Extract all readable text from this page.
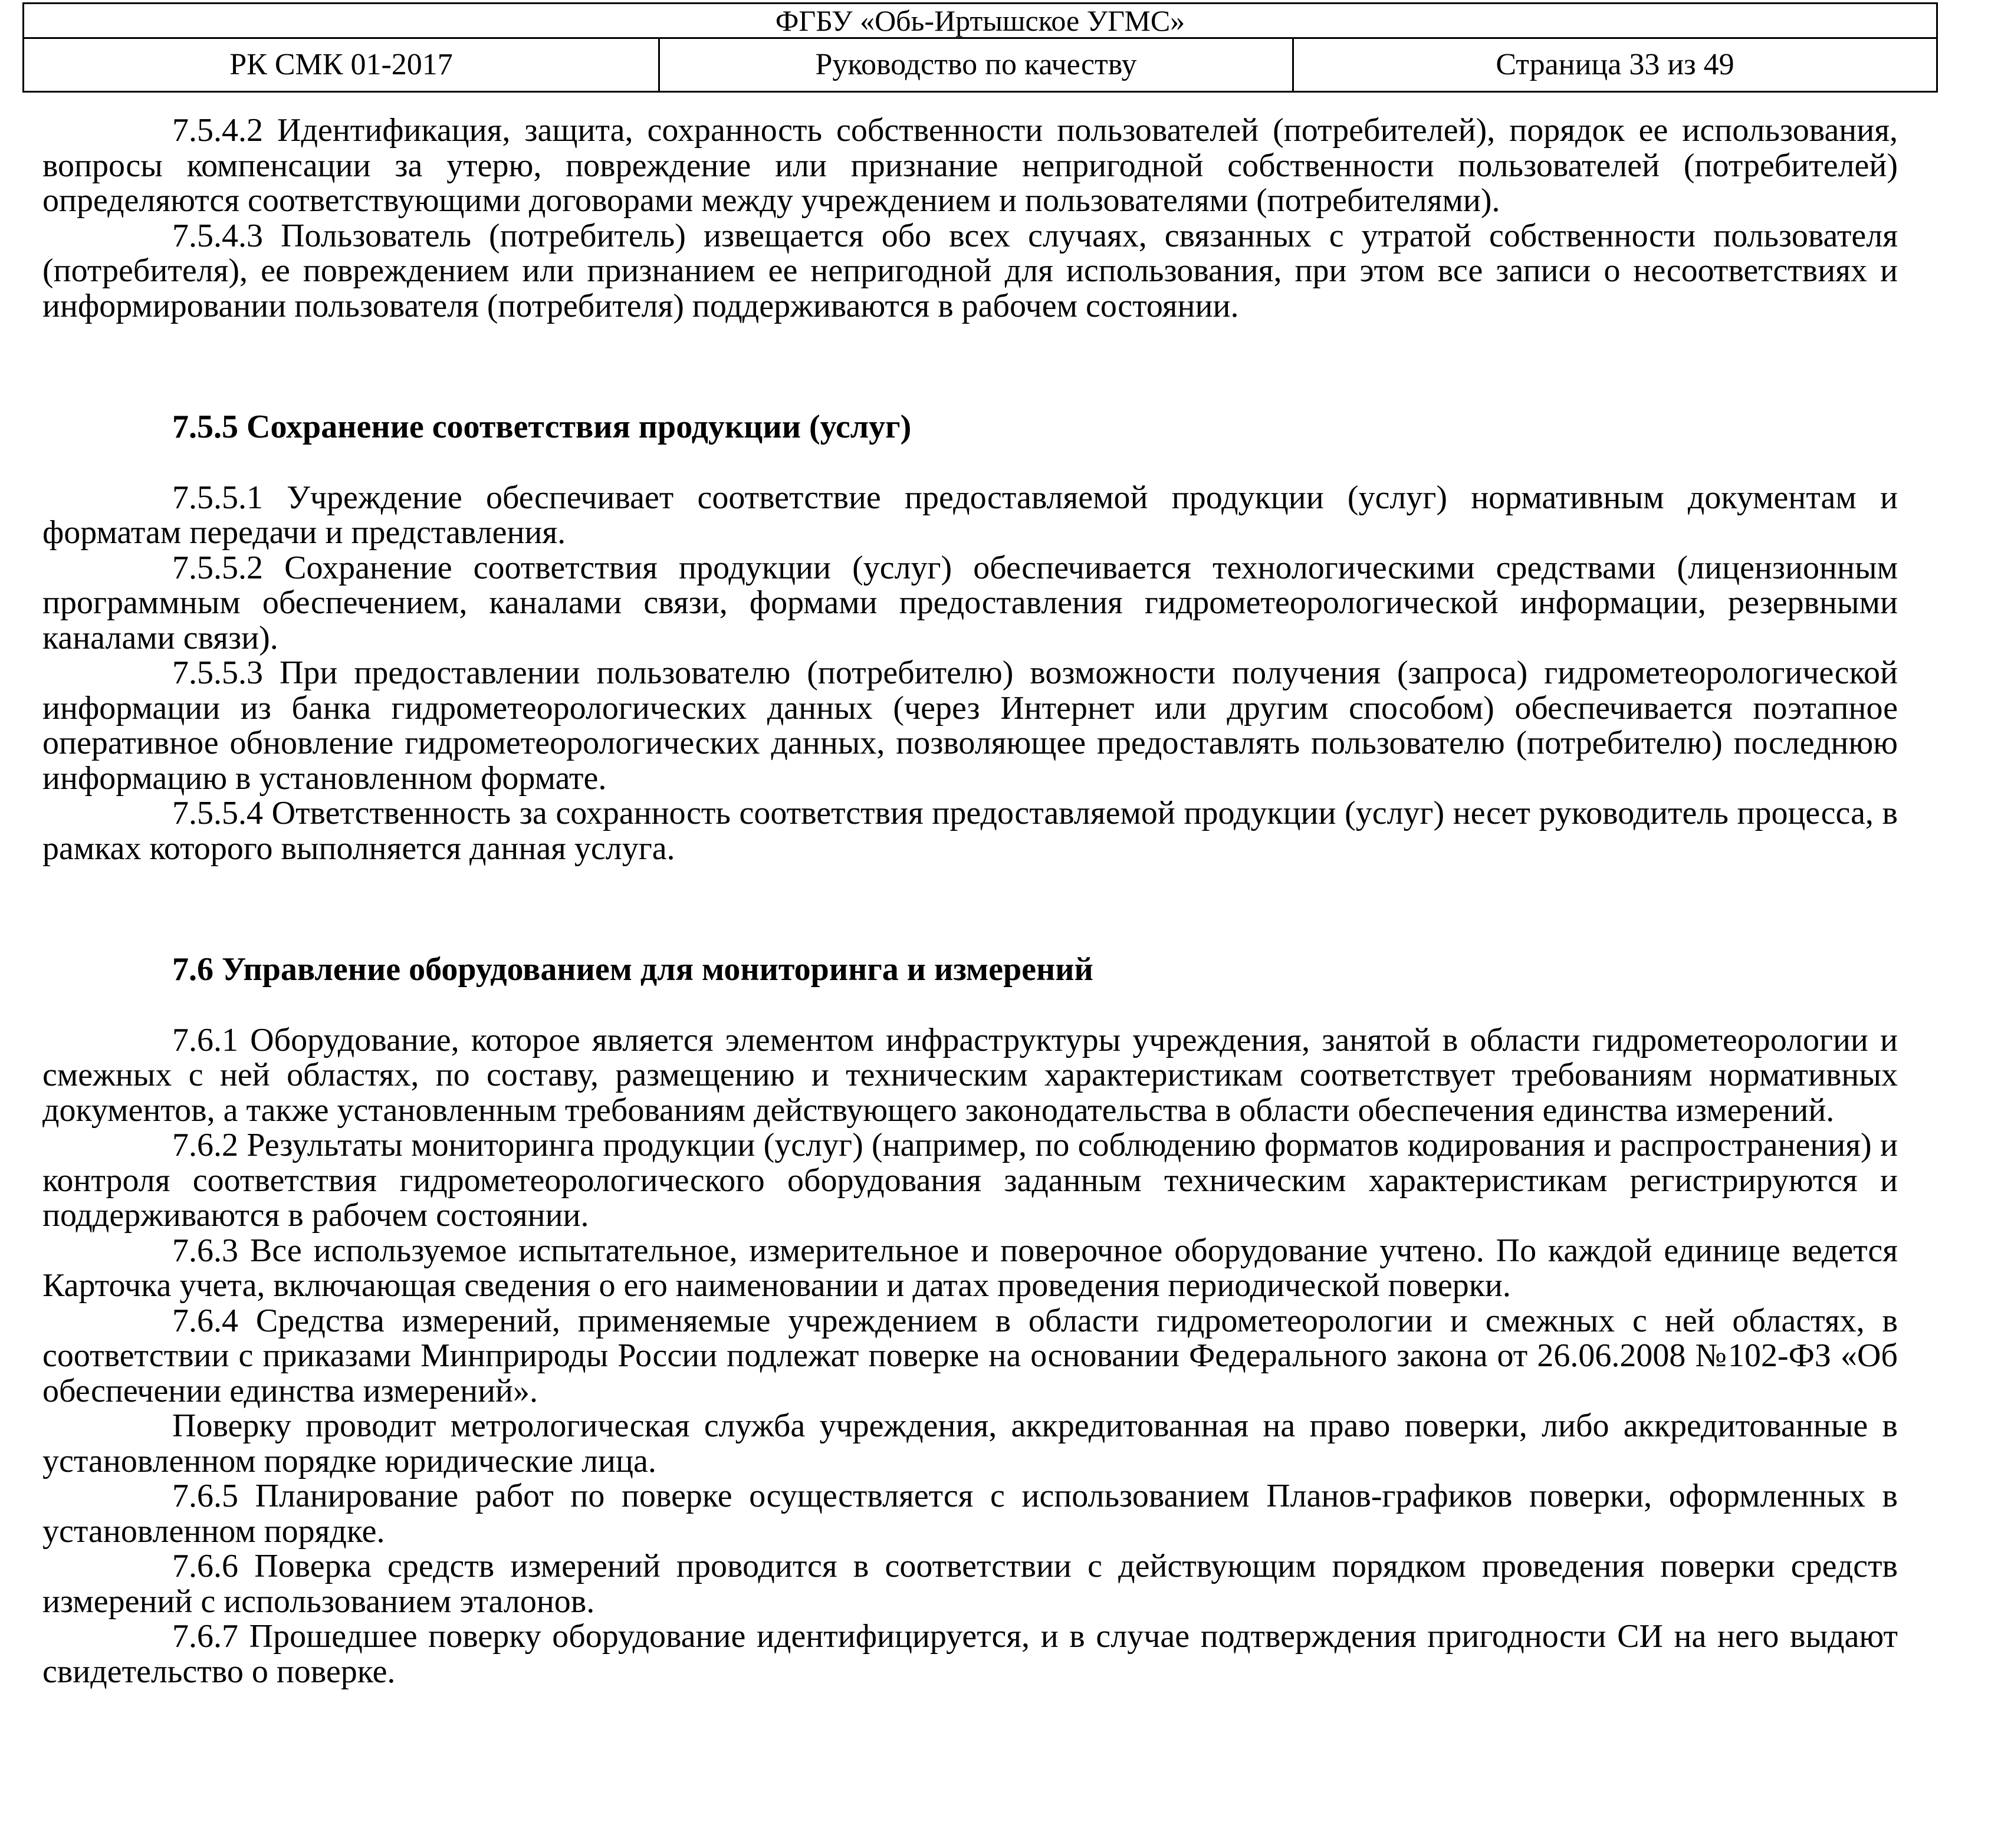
ФГБУ «Обь-Иртышское УГМС»
РК СМК 01-2017	Руководство по качеству	Страница 33 из 49

7.5.4.2 Идентификация, защита, сохранность собственности пользователей (потребителей), порядок ее использования, вопросы компенсации за утерю, повреждение или признание непригодной собственности пользователей (потребителей) определяются соответствующими договорами между учреждением и пользователями (потребителями).

7.5.4.3 Пользователь (потребитель) извещается обо всех случаях, связанных с утратой собственности пользователя (потребителя), ее повреждением или признанием ее непригодной для использования, при этом все записи о несоответствиях и информировании пользователя (потребителя) поддерживаются в рабочем состоянии.

7.5.5 Сохранение соответствия продукции (услуг)

7.5.5.1 Учреждение обеспечивает соответствие предоставляемой продукции (услуг) нормативным документам и форматам передачи и представления.

7.5.5.2 Сохранение соответствия продукции (услуг) обеспечивается технологическими средствами (лицензионным программным обеспечением, каналами связи, формами предоставления гидрометеорологической информации, резервными каналами связи).

7.5.5.3 При предоставлении пользователю (потребителю) возможности получения (запроса) гидрометеорологической информации из банка гидрометеорологических данных (через Интернет или другим способом) обеспечивается поэтапное оперативное обновление гидрометеорологических данных, позволяющее предоставлять пользователю (потребителю) последнюю информацию в установленном формате.

7.5.5.4 Ответственность за сохранность соответствия предоставляемой продукции (услуг) несет руководитель процесса, в рамках которого выполняется данная услуга.

7.6 Управление оборудованием для мониторинга и измерений

7.6.1 Оборудование, которое является элементом инфраструктуры учреждения, занятой в области гидрометеорологии и смежных с ней областях, по составу, размещению и техническим характеристикам соответствует требованиям нормативных документов, а также установленным требованиям действующего законодательства в области обеспечения единства измерений.

7.6.2 Результаты мониторинга продукции (услуг) (например, по соблюдению форматов кодирования и распространения) и контроля соответствия гидрометеорологического оборудования заданным техническим характеристикам регистрируются и поддерживаются в рабочем состоянии.

7.6.3 Все используемое испытательное, измерительное и поверочное оборудование учтено. По каждой единице ведется Карточка учета, включающая сведения о его наименовании и датах проведения периодической поверки.

7.6.4 Средства измерений, применяемые учреждением в области гидрометеорологии и смежных с ней областях, в соответствии с приказами Минприроды России подлежат поверке на основании Федерального закона от 26.06.2008 №102-ФЗ «Об обеспечении единства измерений».

Поверку проводит метрологическая служба учреждения, аккредитованная на право поверки, либо аккредитованные в установленном порядке юридические лица.

7.6.5 Планирование работ по поверке осуществляется с использованием Планов-графиков поверки, оформленных в установленном порядке.

7.6.6 Поверка средств измерений проводится в соответствии с действующим порядком проведения поверки средств измерений с использованием эталонов.

7.6.7 Прошедшее поверку оборудование идентифицируется, и в случае подтверждения пригодности СИ на него выдают свидетельство о поверке.
